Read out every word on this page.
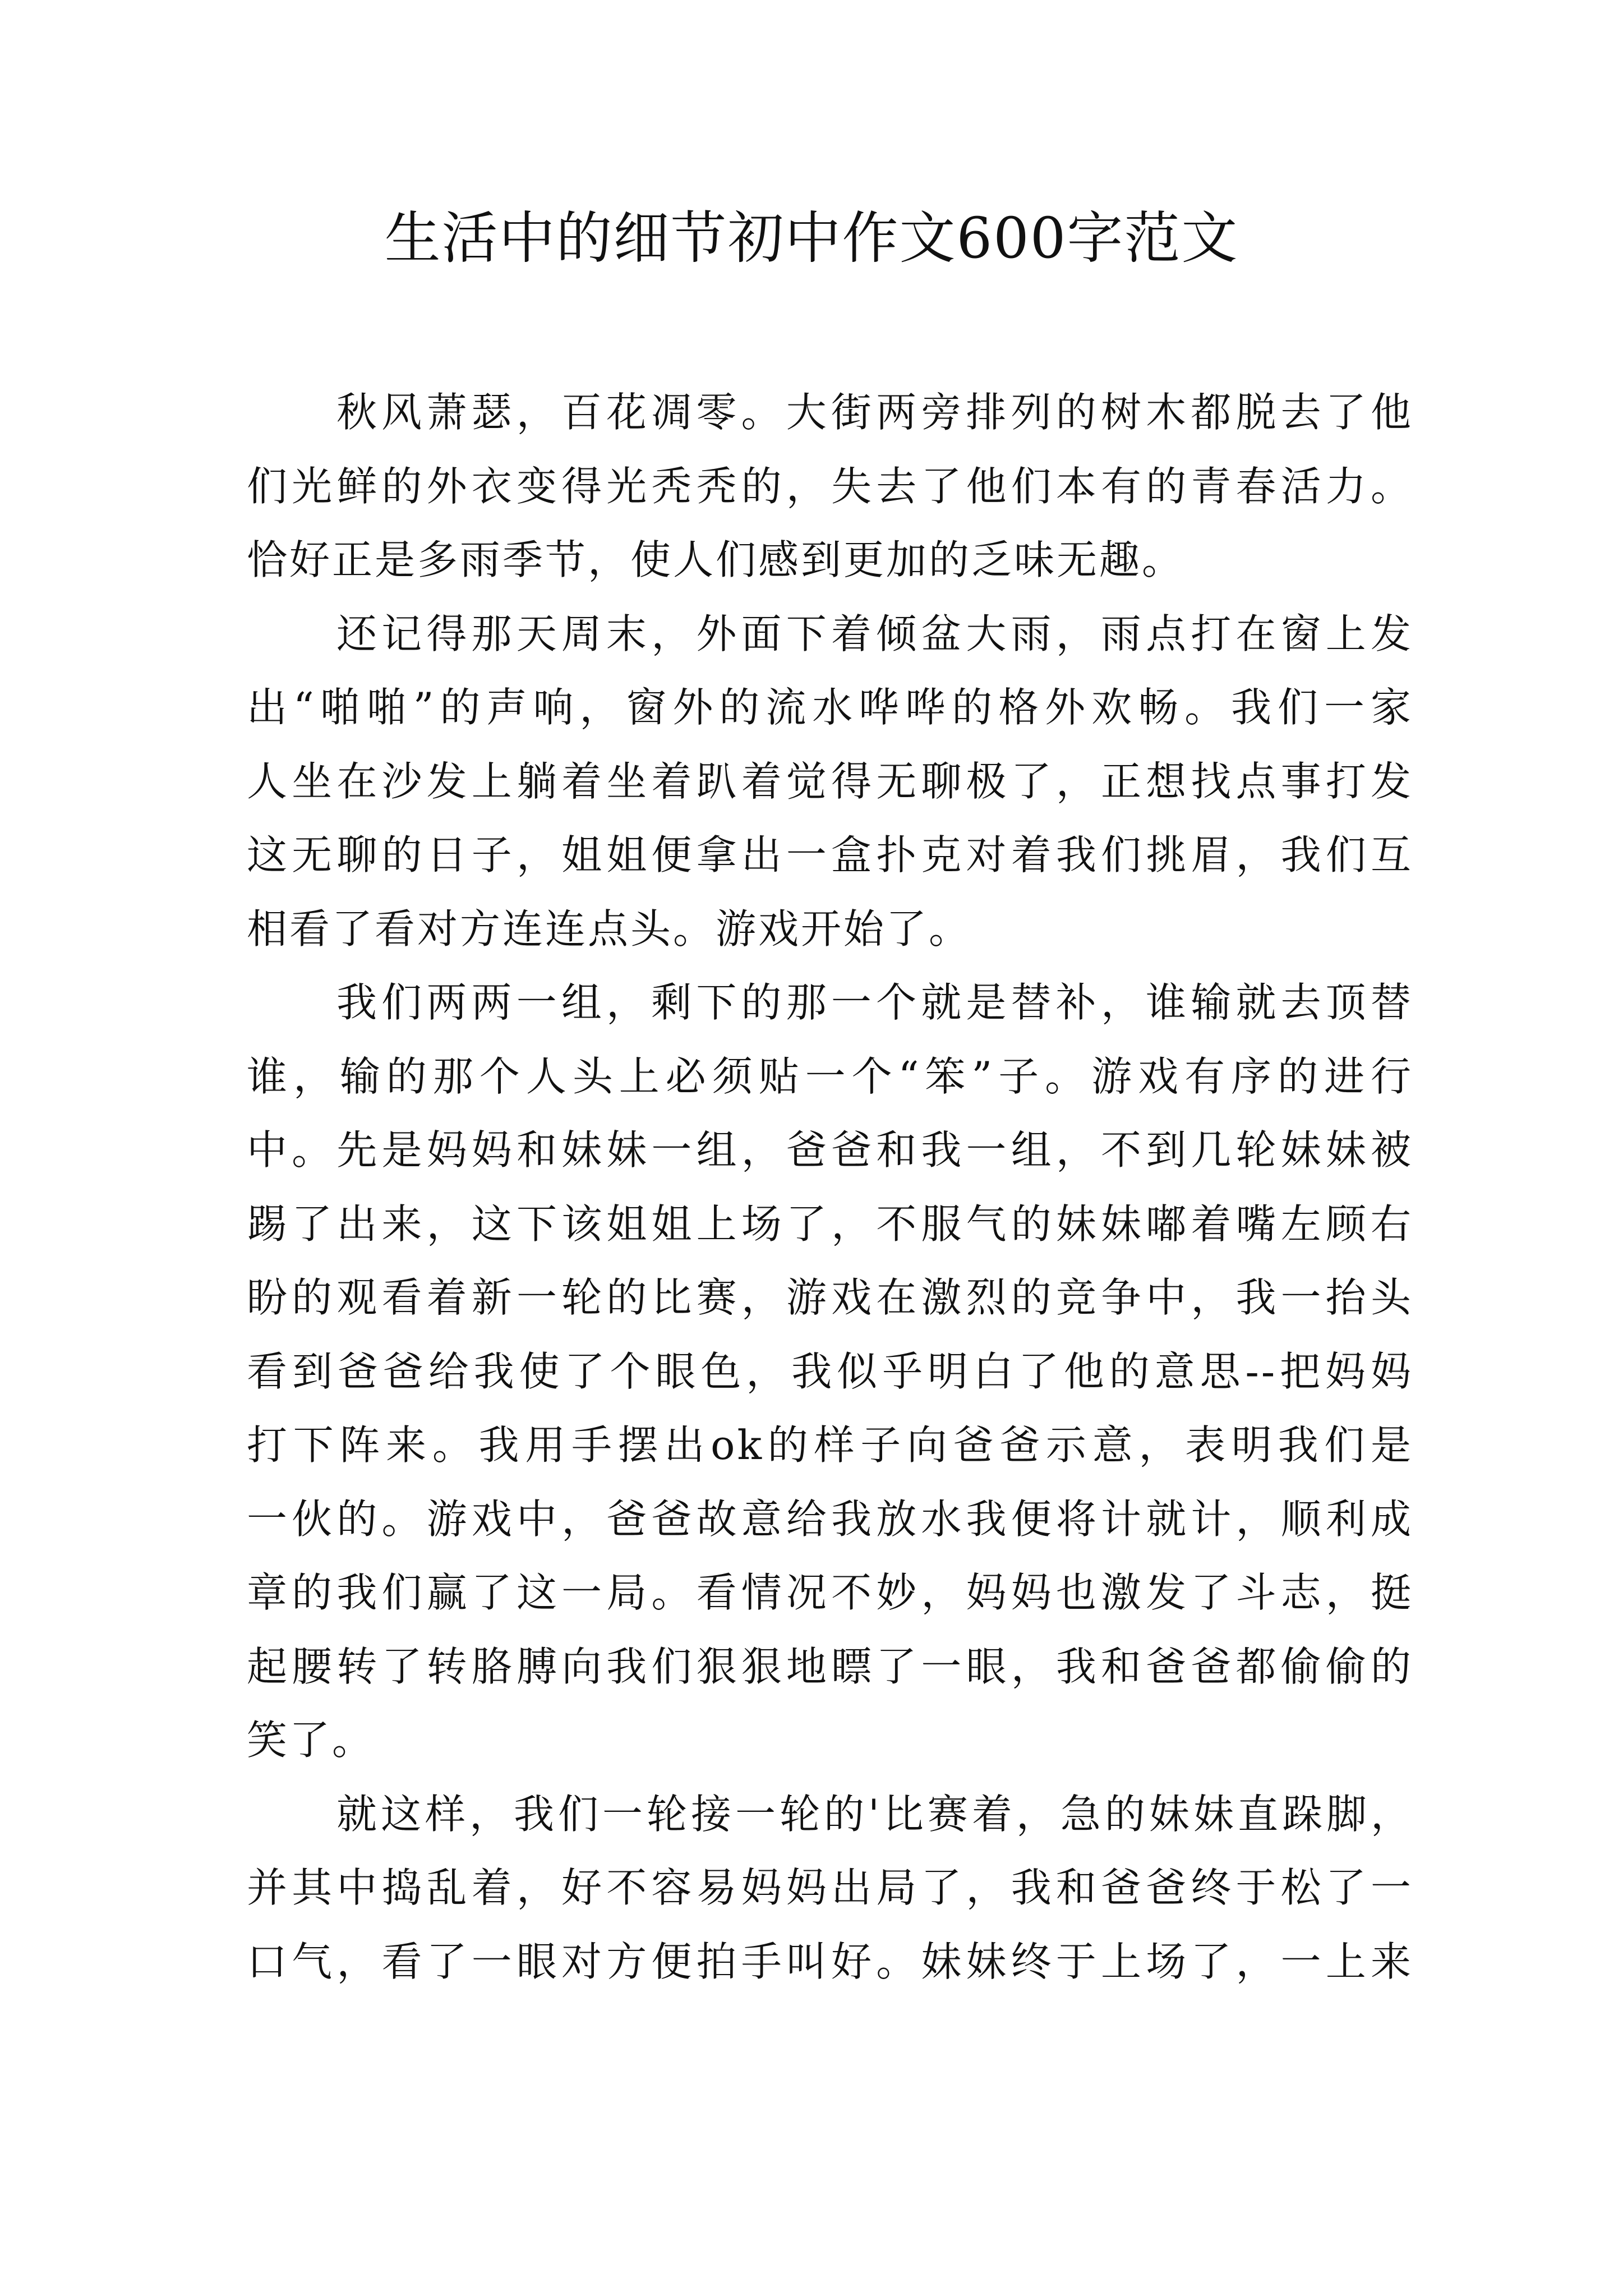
生活中的细节初中作文600字范文
秋风萧瑟，百花凋零。大街两旁排列的树木都脱去了他
们光鲜的外衣变得光秃秃的，失去了他们本有的青春活力。
恰好正是多雨季节，使人们感到更加的乏味无趣。
还记得那天周末，外面下着倾盆大雨，雨点打在窗上发
出“啪啪”的声响，窗外的流水哗哗的格外欢畅。我们一家
人坐在沙发上躺着坐着趴着觉得无聊极了，正想找点事打发
这无聊的日子，姐姐便拿出一盒扑克对着我们挑眉，我们互
相看了看对方连连点头。游戏开始了。
我们两两一组，剩下的那一个就是替补，谁输就去顶替
谁，输的那个人头上必须贴一个“笨”子。游戏有序的进行
中。先是妈妈和妹妹一组，爸爸和我一组，不到几轮妹妹被
踢了出来，这下该姐姐上场了，不服气的妹妹嘟着嘴左顾右
盼的观看着新一轮的比赛，游戏在激烈的竞争中，我一抬头
看到爸爸给我使了个眼色，我似乎明白了他的意思--把妈妈
打下阵来。我用手摆出ok的样子向爸爸示意，表明我们是
一伙的。游戏中，爸爸故意给我放水我便将计就计，顺利成
章的我们赢了这一局。看情况不妙，妈妈也激发了斗志，挺
起腰转了转胳膊向我们狠狠地瞟了一眼，我和爸爸都偷偷的
笑了。
就这样，我们一轮接一轮的'比赛着，急的妹妹直跺脚，
并其中捣乱着，好不容易妈妈出局了，我和爸爸终于松了一
口气，看了一眼对方便拍手叫好。妹妹终于上场了，一上来
